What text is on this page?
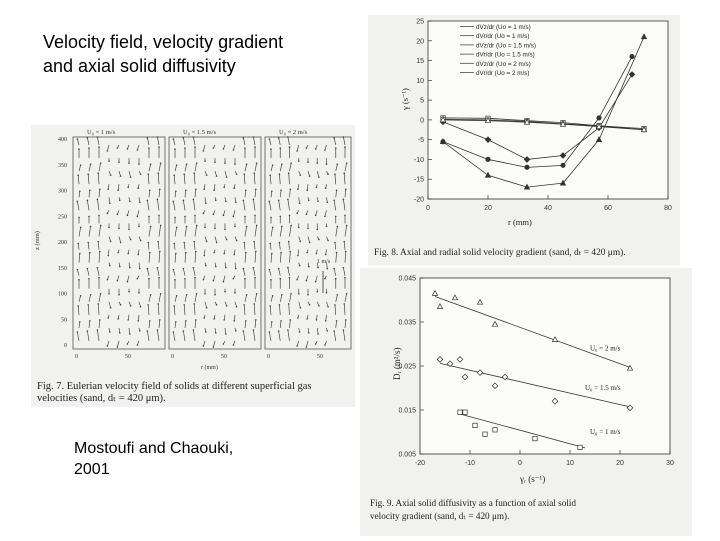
Velocity field, velocity gradient
and axial solid diffusivity
Mostoufi and Chaouki,
2001
U₀ = 1 m/s
0	50
U₀ = 1.5 m/s
0	50
U₀ = 2 m/s
0	50
400
350
300
250
200
150
100
50
0
z (mm)
r (mm)
1 m/s
Fig. 7. Eulerian velocity field of solids at different superficial gas
velocities (sand, dₜ = 420 μm).
25
20
15
10
5
0
-5
-10
-15
-20
0	20	40	60	80
r (mm)
γ (s⁻¹)
dVz/dr (Uo = 1 m/s)
dVr/dr (Uo = 1 m/s)
dVz/dr (Uo = 1.5 m/s)
dVr/dr (Uo = 1.5 m/s)
dVz/dr (Uo = 2 m/s)
dVr/dr (Uo = 2 m/s)
Fig. 8. Axial and radial solid velocity gradient (sand, dₜ = 420 μm).
0.045
0.035
0.025
0.015
0.005
-20	-10	0	10	20	30
γᵣ (s⁻¹)
Dᵣ (m²/s)	U₀ = 2 m/s
U₀ = 1.5 m/s
U₀ = 1 m/s
Fig. 9. Axial solid diffusivity as a function of axial solid
velocity gradient (sand, dₜ = 420 μm).
